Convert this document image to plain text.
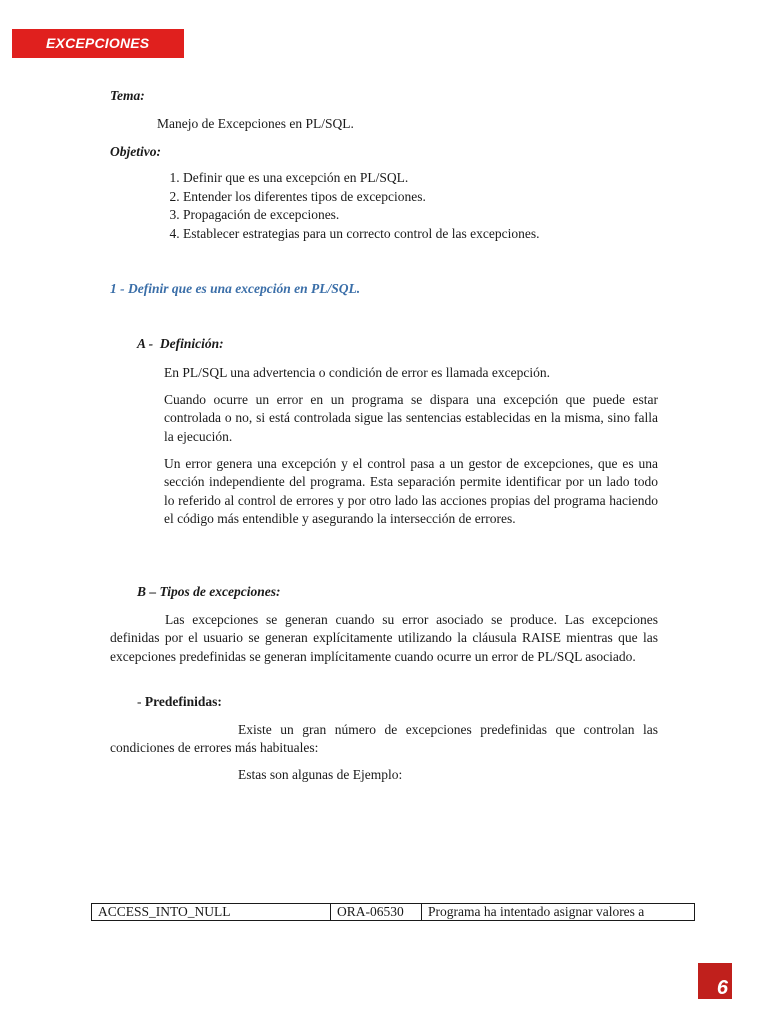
EXCEPCIONES

Tema:

Manejo de Excepciones en PL/SQL.

Objetivo:

1. Definir que es una excepción en PL/SQL.
2. Entender los diferentes tipos de excepciones.
3. Propagación de excepciones.
4. Establecer estrategias para un correcto control de las excepciones.

1 - Definir que es una excepción en PL/SQL.

A - Definición:

En PL/SQL una advertencia o condición de error es llamada excepción.

Cuando ocurre un error en un programa se dispara una excepción que puede estar controlada o no, si está controlada sigue las sentencias establecidas en la misma, sino falla la ejecución.

Un error genera una excepción y el control pasa a un gestor de excepciones, que es una sección independiente del programa. Esta separación permite identificar por un lado todo lo referido al control de errores y por otro lado las acciones propias del programa haciendo el código más entendible y asegurando la intersección de errores.

B – Tipos de excepciones:

Las excepciones se generan cuando su error asociado se produce. Las excepciones definidas por el usuario se generan explícitamente utilizando la cláusula RAISE mientras que las excepciones predefinidas se generan implícitamente cuando ocurre un error de PL/SQL asociado.

- Predefinidas:

Existe un gran número de excepciones predefinidas que controlan las condiciones de errores más habituales:

Estas son algunas de Ejemplo:

ACCESS_INTO_NULL	ORA-06530	Programa ha intentado asignar valores a
6
